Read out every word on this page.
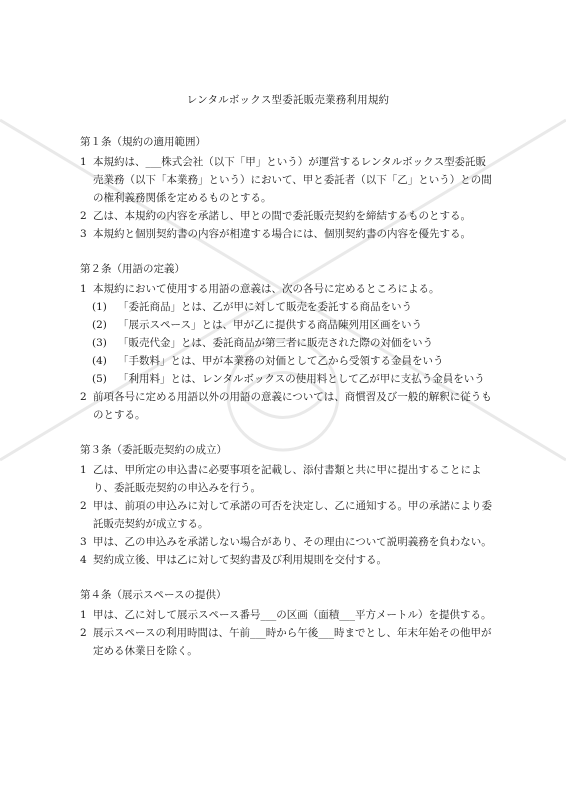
レンタルボックス型委託販売業務利用規約
第１条（規約の適用範囲）
1 本規約は、___株式会社（以下「甲」という）が運営するレンタルボックス型委託販売業務（以下「本業務」という）において、甲と委託者（以下「乙」という）との間の権利義務関係を定めるものとする。
2 乙は、本規約の内容を承諾し、甲との間で委託販売契約を締結するものとする。
3 本規約と個別契約書の内容が相違する場合には、個別契約書の内容を優先する。
第２条（用語の定義）
1 本規約において使用する用語の意義は、次の各号に定めるところによる。
(1)	「委託商品」とは、乙が甲に対して販売を委託する商品をいう
(2)	「展示スペース」とは、甲が乙に提供する商品陳列用区画をいう
(3)	「販売代金」とは、委託商品が第三者に販売された際の対価をいう
(4)	「手数料」とは、甲が本業務の対価として乙から受領する金員をいう
(5)	「利用料」とは、レンタルボックスの使用料として乙が甲に支払う金員をいう
2 前項各号に定める用語以外の用語の意義については、商慣習及び一般的解釈に従うものとする。
第３条（委託販売契約の成立）
1 乙は、甲所定の申込書に必要事項を記載し、添付書類と共に甲に提出することにより、委託販売契約の申込みを行う。
2 甲は、前項の申込みに対して承諾の可否を決定し、乙に通知する。甲の承諾により委託販売契約が成立する。
3 甲は、乙の申込みを承諾しない場合があり、その理由について説明義務を負わない。
4 契約成立後、甲は乙に対して契約書及び利用規則を交付する。
第４条（展示スペースの提供）
1 甲は、乙に対して展示スペース番号___の区画（面積___平方メートル）を提供する。
2 展示スペースの利用時間は、午前___時から午後___時までとし、年末年始その他甲が定める休業日を除く。
